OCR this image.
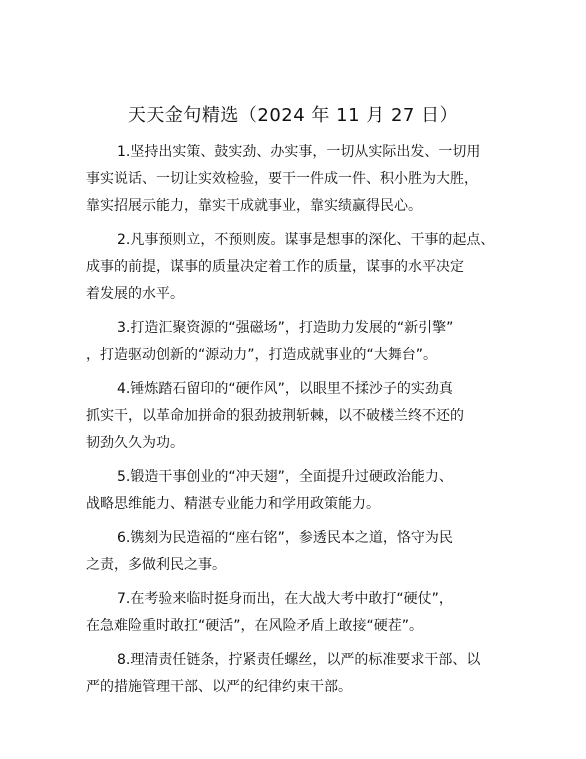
天天金句精选（2024 年 11 月 27 日）
1.坚持出实策、鼓实劲、办实事，一切从实际出发、一切用
事实说话、一切让实效检验，要干一件成一件、积小胜为大胜，
靠实招展示能力，靠实干成就事业，靠实绩赢得民心。
2.凡事预则立，不预则废。谋事是想事的深化、干事的起点、
成事的前提，谋事的质量决定着工作的质量，谋事的水平决定
着发展的水平。
3.打造汇聚资源的“强磁场”，打造助力发展的“新引擎”
，打造驱动创新的“源动力”，打造成就事业的“大舞台”。
4.锤炼踏石留印的“硬作风”，以眼里不揉沙子的实劲真
抓实干，以革命加拼命的狠劲披荆斩棘，以不破楼兰终不还的
韧劲久久为功。
5.锻造干事创业的“冲天翅”，全面提升过硬政治能力、
战略思维能力、精湛专业能力和学用政策能力。
6.镌刻为民造福的“座右铭”，参透民本之道，恪守为民
之责，多做利民之事。
7.在考验来临时挺身而出，在大战大考中敢打“硬仗”，
在急难险重时敢扛“硬活”，在风险矛盾上敢接“硬茬”。
8.理清责任链条，拧紧责任螺丝，以严的标准要求干部、以
严的措施管理干部、以严的纪律约束干部。
